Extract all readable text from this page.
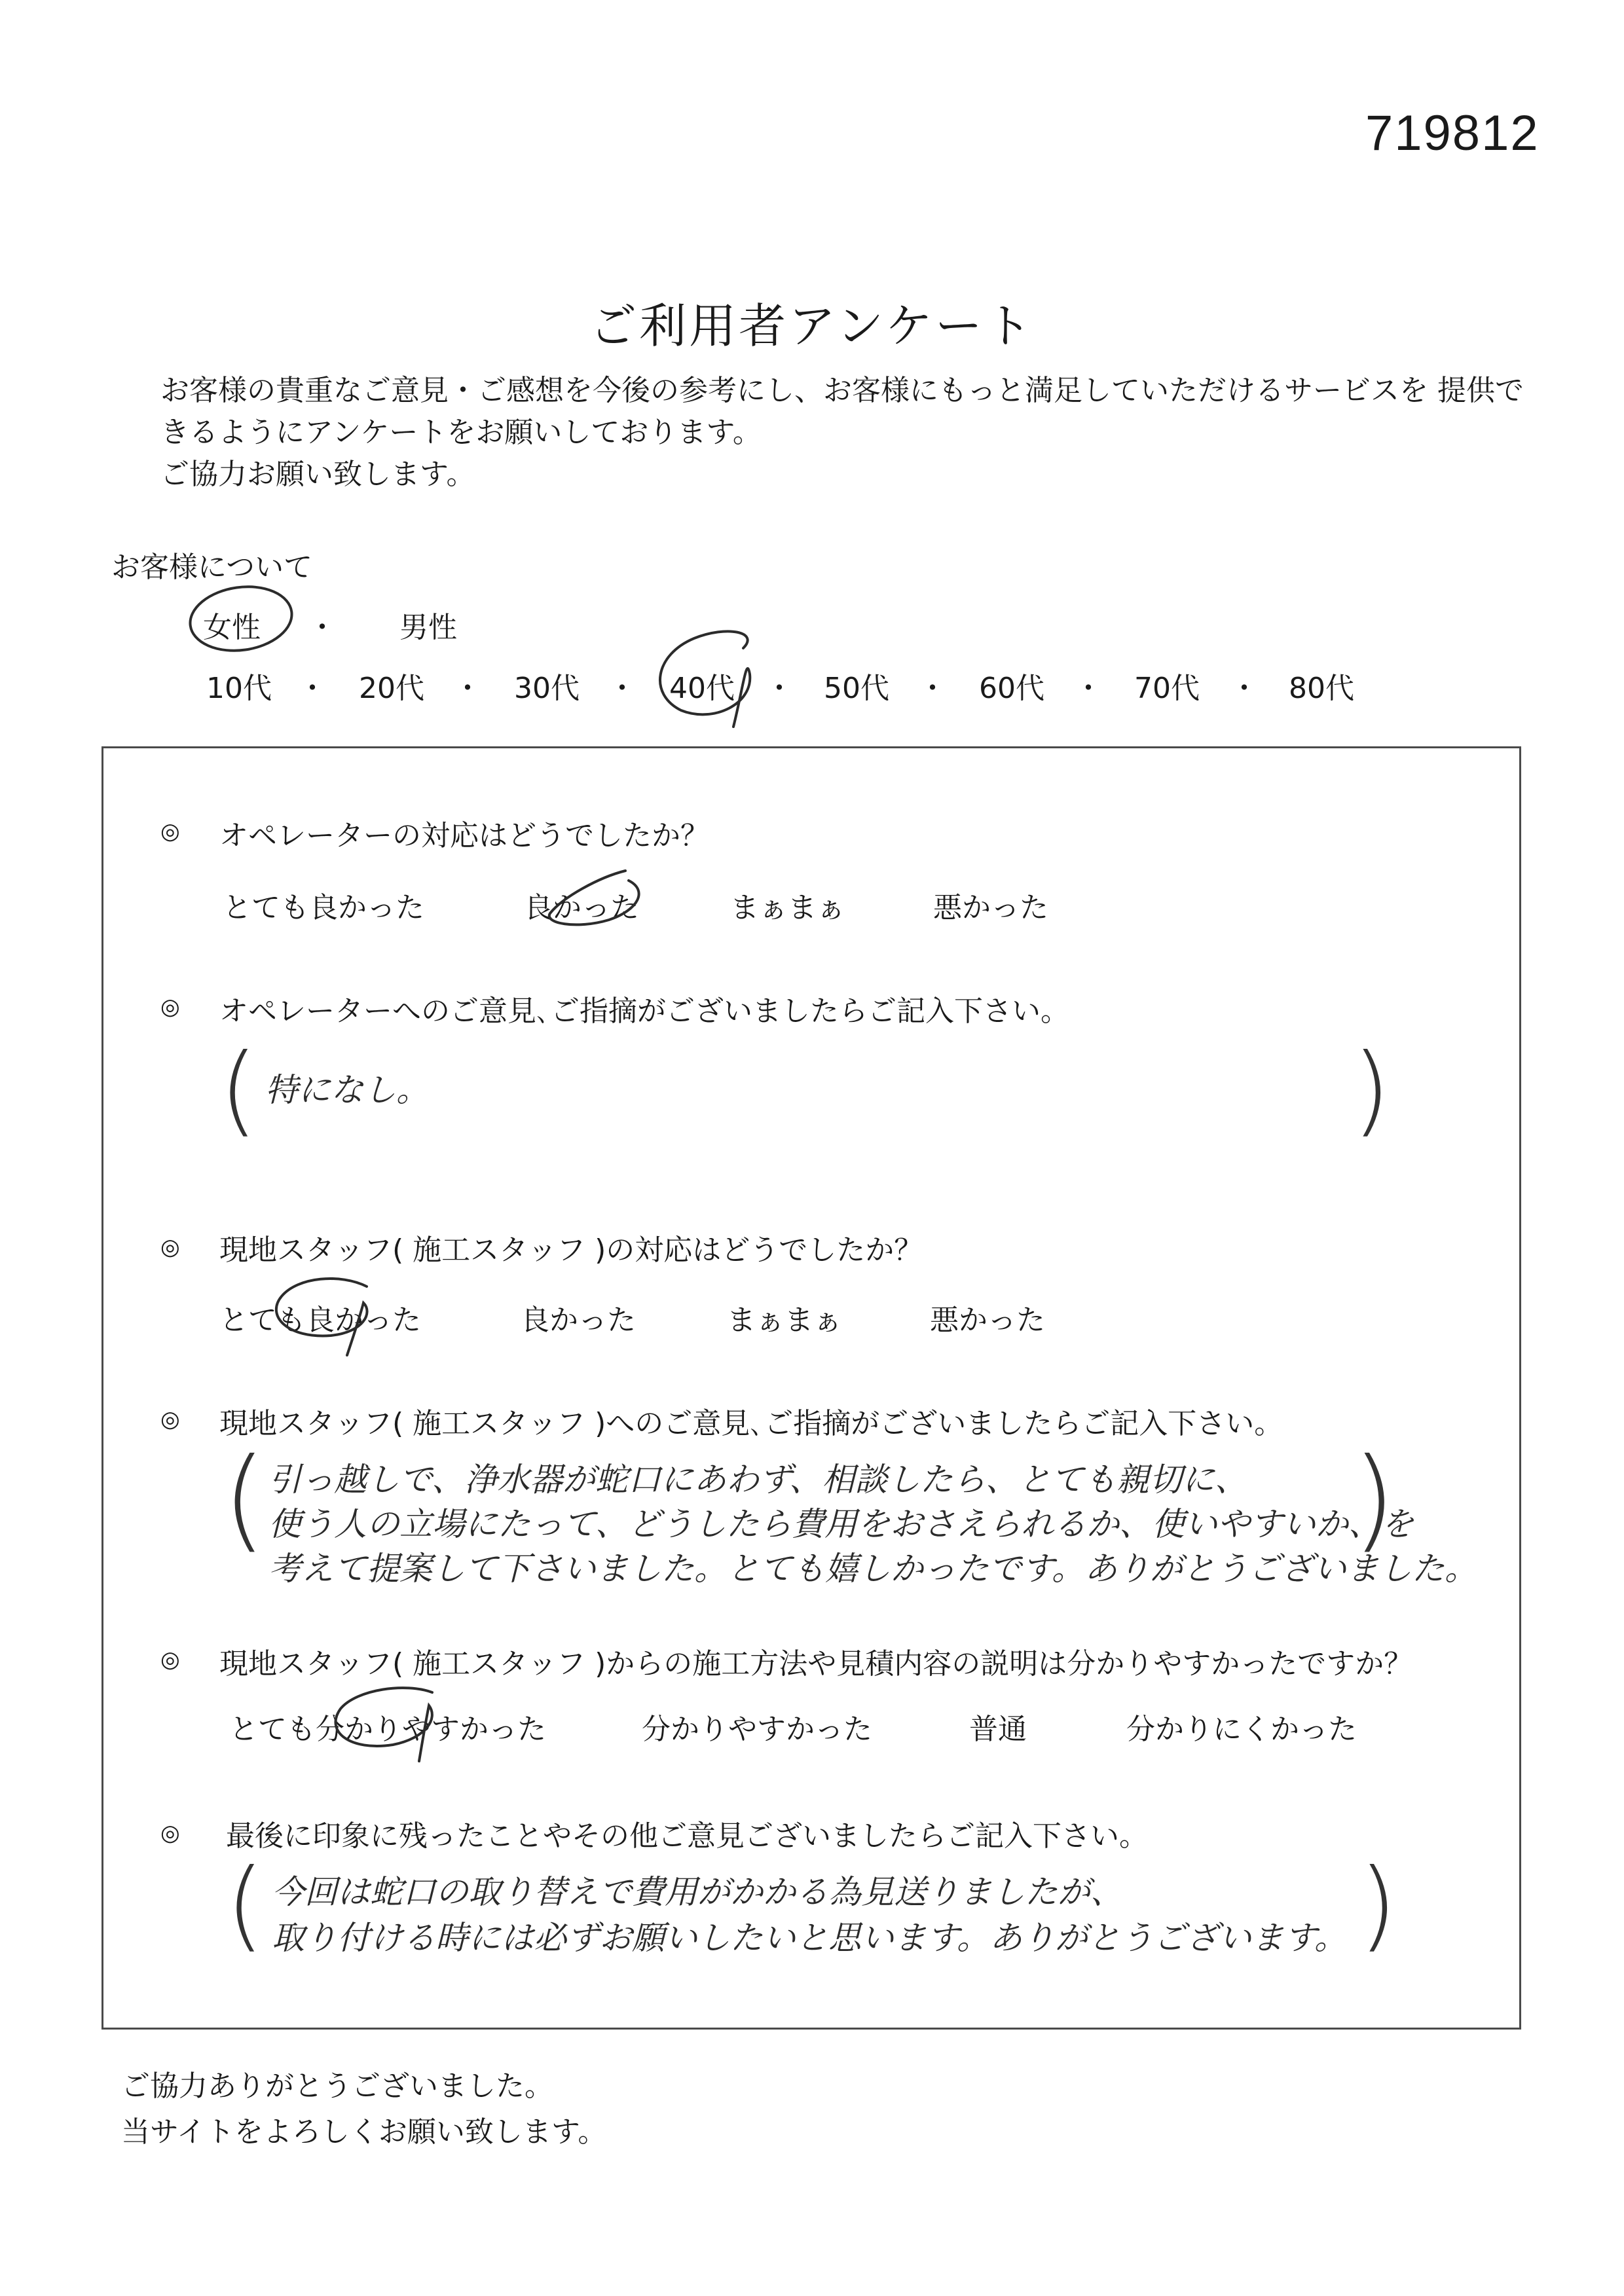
719812
ご利用者アンケート
お客様の貴重なご意見・ご感想を今後の参考にし、お客様にもっと満足していただけるサービスを 提供で
きるようにアンケートをお願いしております。
ご協力お願い致します。
お客様について
女性 ・ 男性
10代 ・ 20代 ・ 30代 ・ 40代 ・ 50代 ・ 60代 ・ 70代 ・ 80代
◎ オペレーターの対応はどうでしたか？
とても良かった	良かった	まぁまぁ	悪かった
◎ オペレーターへのご意見､ご指摘がございましたらご記入下さい。
(	)
特になし。
◎ 現地スタッフ( 施工スタッフ )の対応はどうでしたか？
とても良かった	良かった	まぁまぁ	悪かった
◎ 現地スタッフ( 施工スタッフ )へのご意見､ご指摘がございましたらご記入下さい。
(	)
引っ越しで、浄水器が蛇口にあわず、相談したら、とても親切に、
使う人の立場にたって、どうしたら費用をおさえられるか、使いやすいか、を
考えて提案して下さいました。とても嬉しかったです。ありがとうございました。
◎ 現地スタッフ( 施工スタッフ )からの施工方法や見積内容の説明は分かりやすかったですか？
とても分かりやすかった	分かりやすかった	普通	分かりにくかった
◎ 最後に印象に残ったことやその他ご意見ございましたらご記入下さい。
(	)
今回は蛇口の取り替えで費用がかかる為見送りましたが、
取り付ける時には必ずお願いしたいと思います。ありがとうございます。
ご協力ありがとうございました。
当サイトをよろしくお願い致します。
